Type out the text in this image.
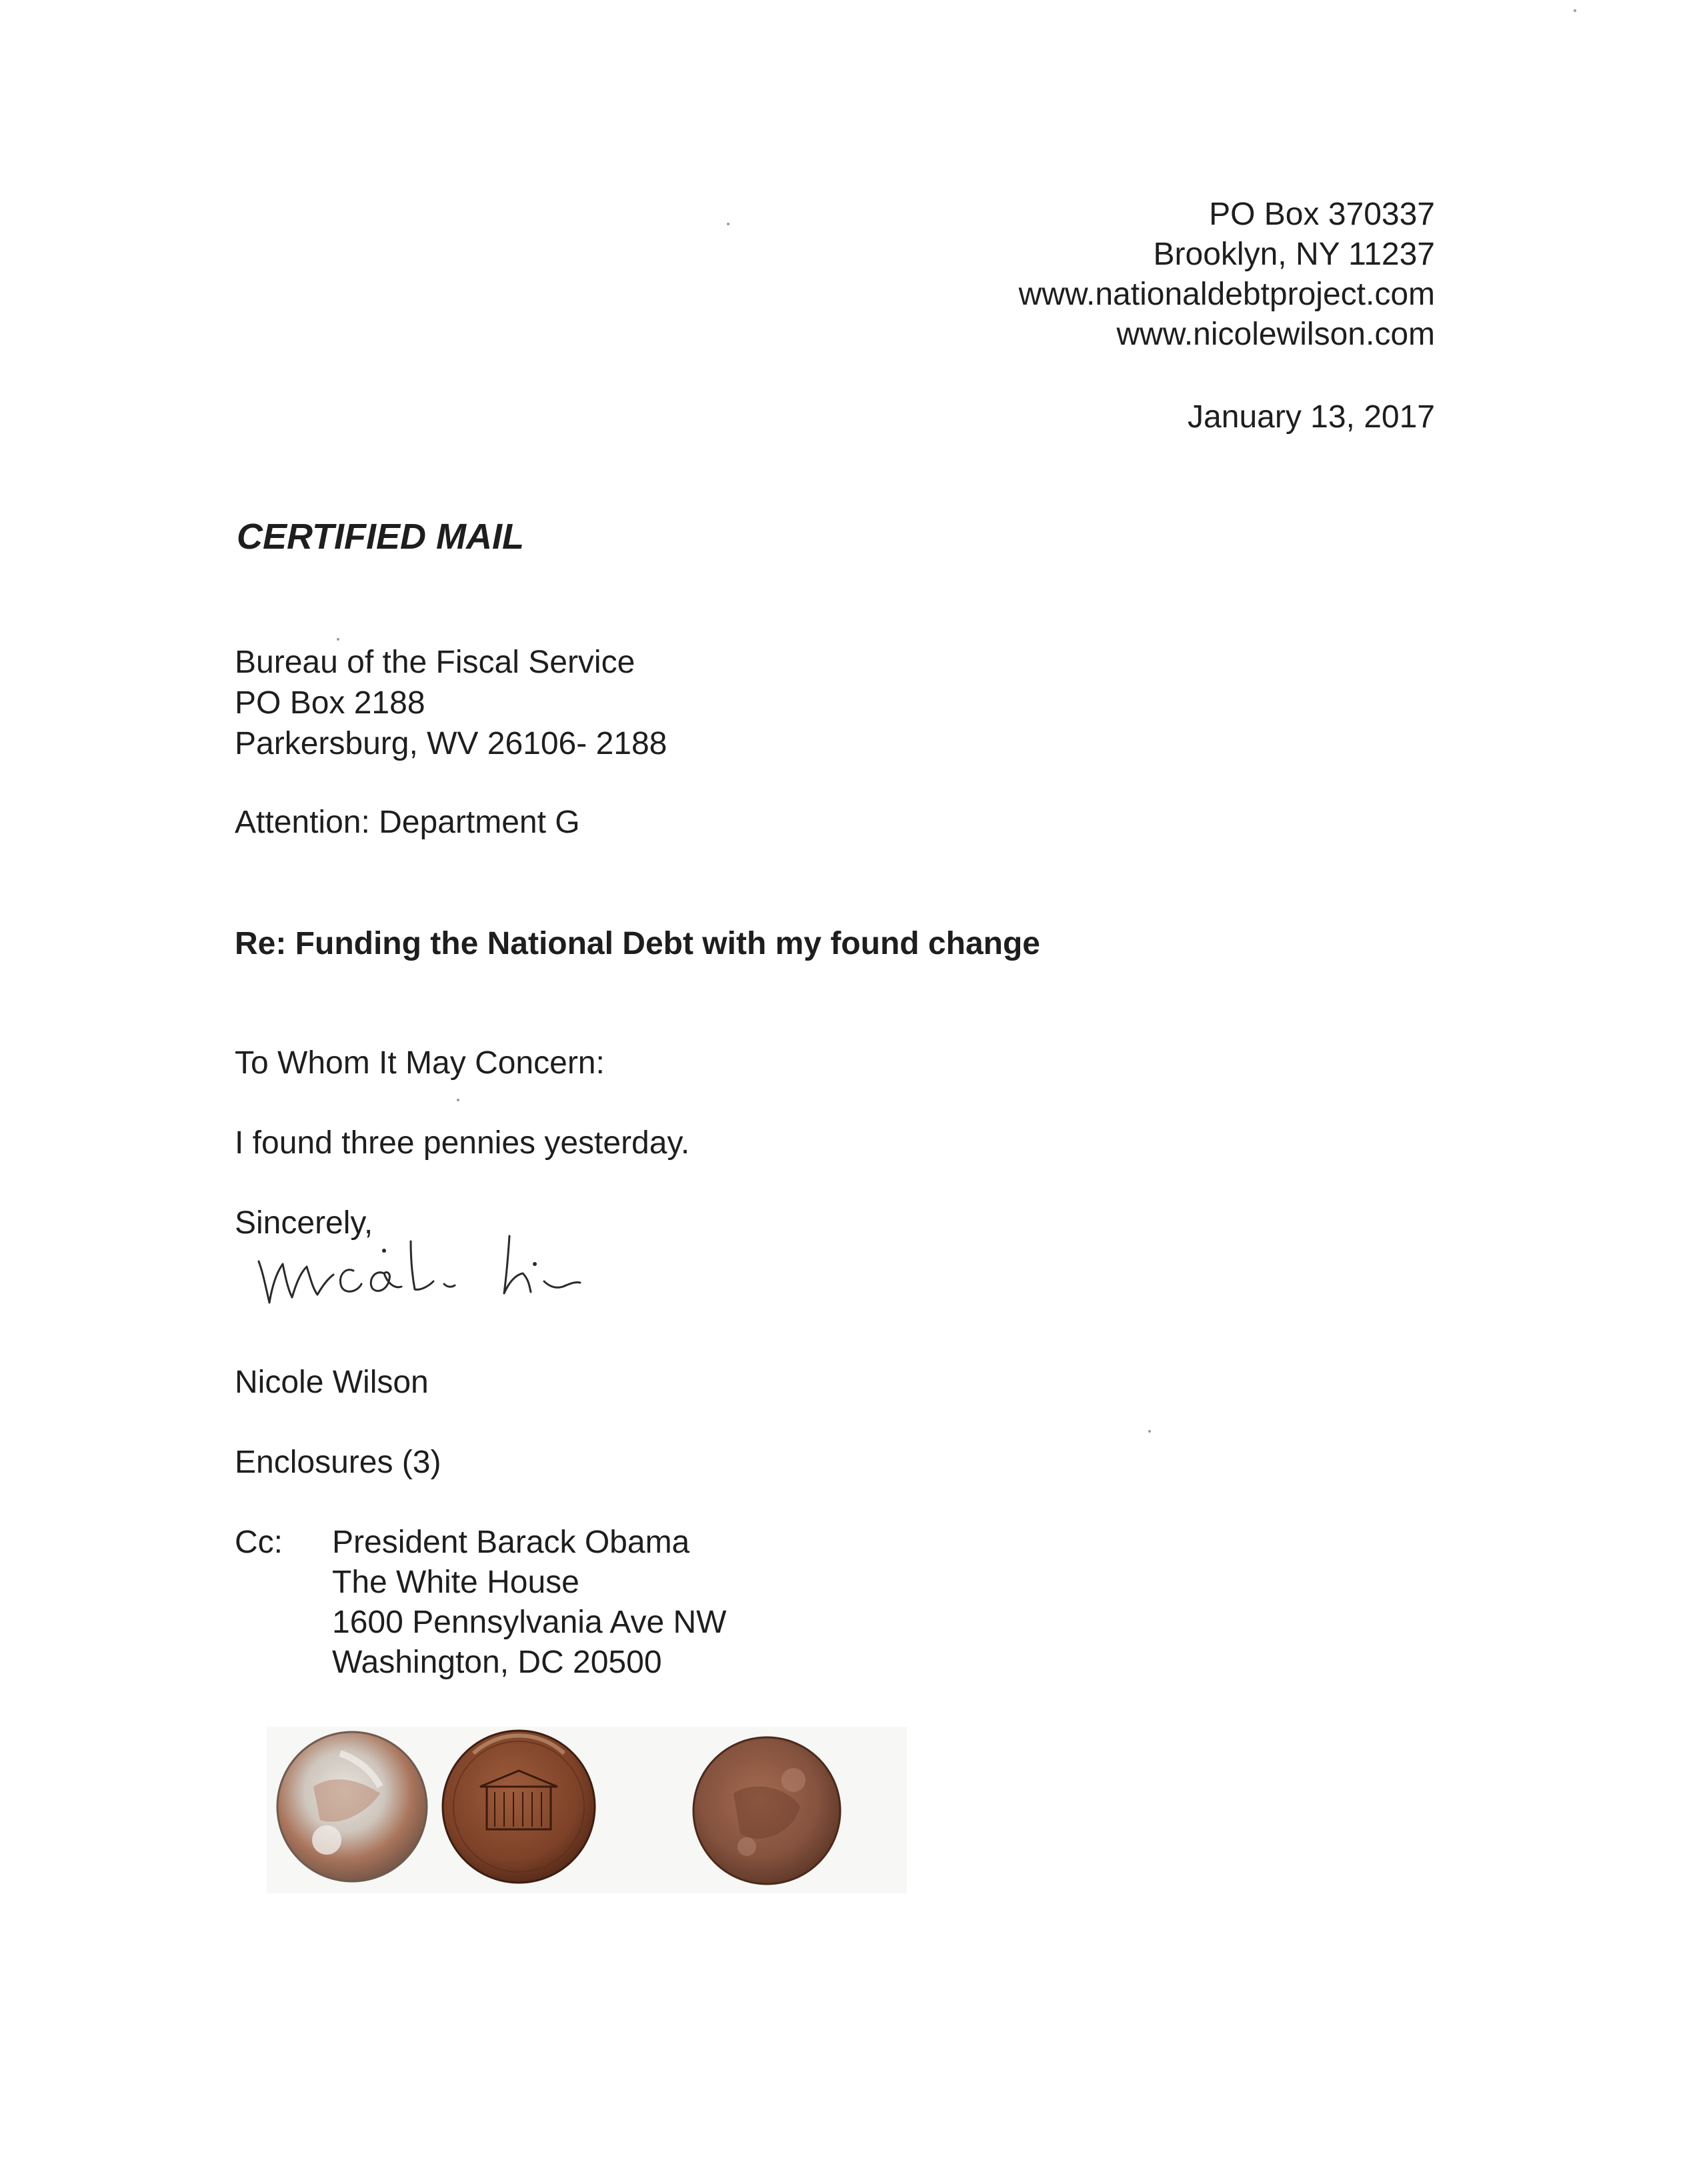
PO Box 370337
Brooklyn, NY 11237
www.nationaldebtproject.com
www.nicolewilson.com
January 13, 2017
CERTIFIED MAIL
Bureau of the Fiscal Service
PO Box 2188
Parkersburg, WV 26106- 2188
Attention: Department G
Re: Funding the National Debt with my found change
To Whom It May Concern:
I found three pennies yesterday.
Sincerely,
Nicole Wilson
Enclosures (3)
Cc: President Barack Obama
The White House
1600 Pennsylvania Ave NW
Washington, DC 20500
